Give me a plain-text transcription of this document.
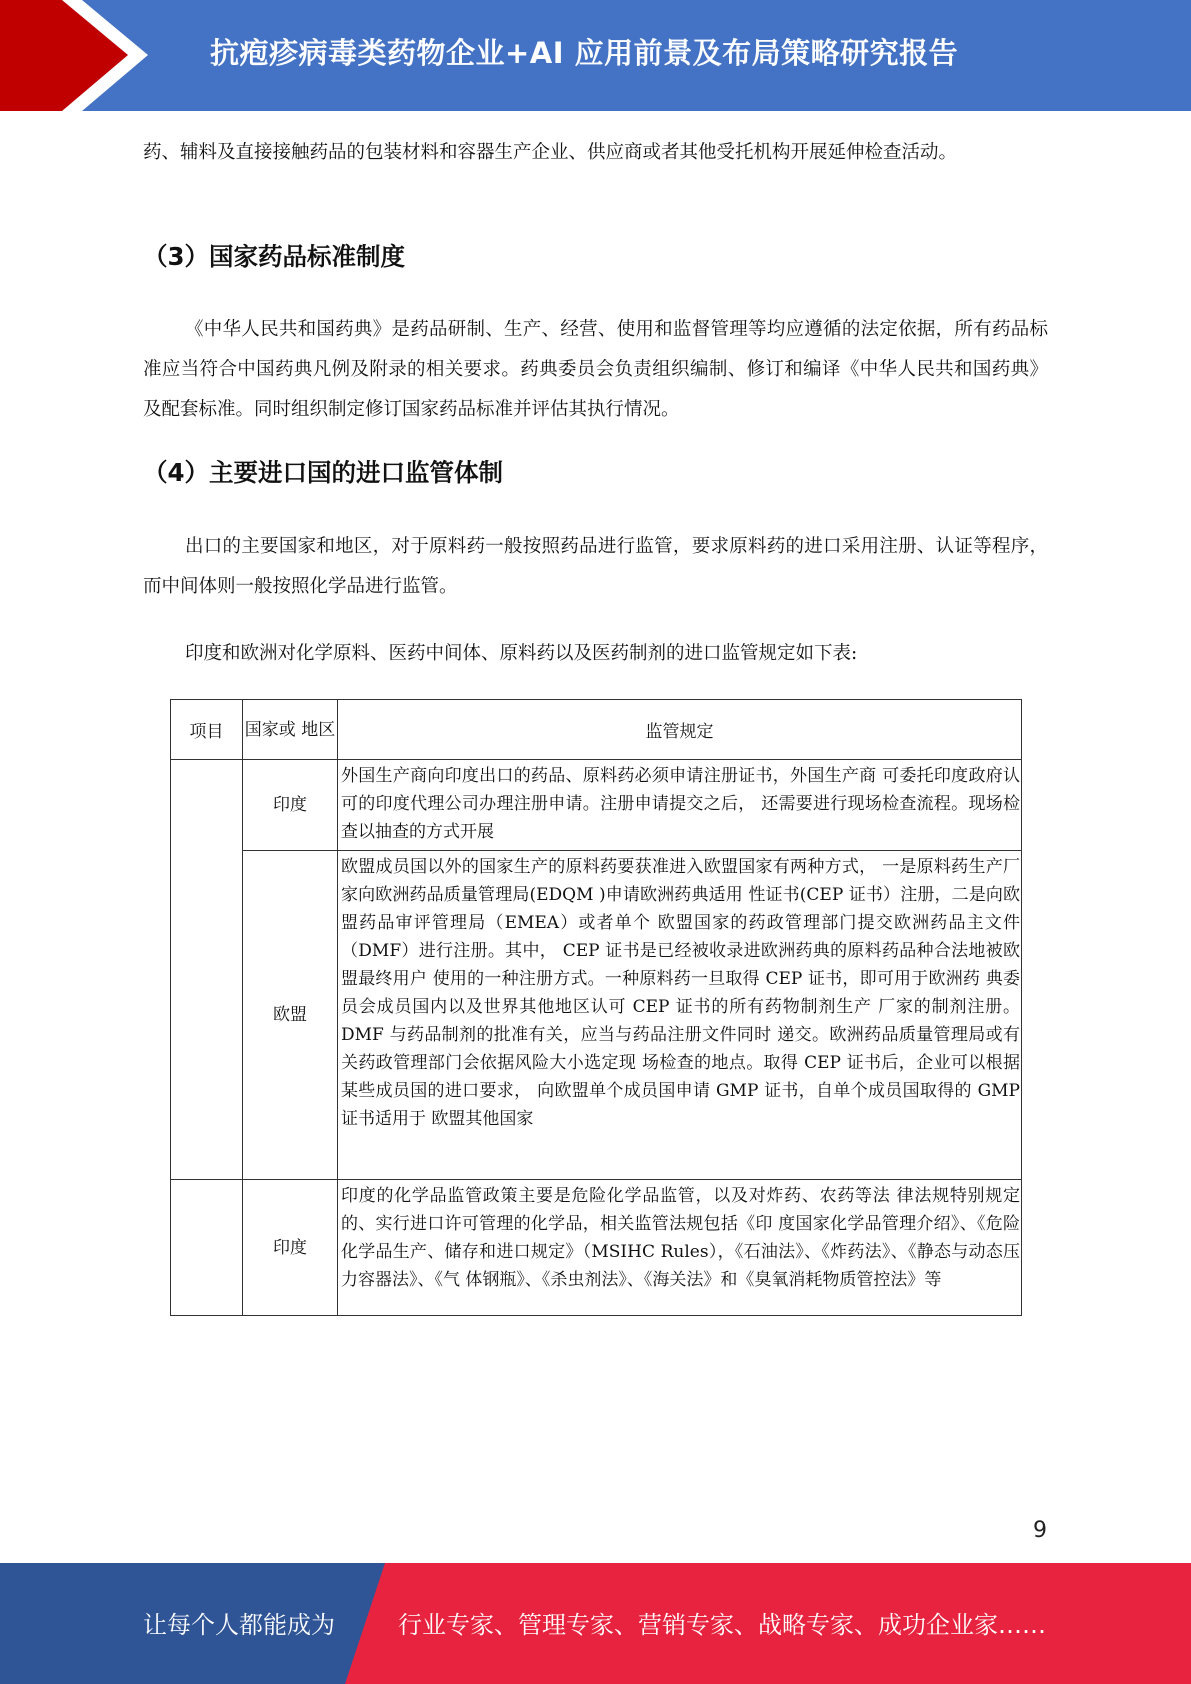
抗疱疹病毒类药物企业+AI 应用前景及布局策略研究报告

药、辅料及直接接触药品的包装材料和容器生产企业、供应商或者其他受托机构开展延伸检查活动。

（3）国家药品标准制度

《中华人民共和国药典》是药品研制、生产、经营、使用和监督管理等均应遵循的法定依据，所有药品标准应当符合中国药典凡例及附录的相关要求。药典委员会负责组织编制、修订和编译《中华人民共和国药典》及配套标准。同时组织制定修订国家药品标准并评估其执行情况。

（4）主要进口国的进口监管体制

出口的主要国家和地区，对于原料药一般按照药品进行监管，要求原料药的进口采用注册、认证等程序，而中间体则一般按照化学品进行监管。

印度和欧洲对化学原料、医药中间体、原料药以及医药制剂的进口监管规定如下表:

项目	国家或 地区	监管规定
	印度	外国生产商向印度出口的药品、原料药必须申请注册证书，外国生产商 可委托印度政府认可的印度代理公司办理注册申请。注册申请提交之后， 还需要进行现场检查流程。现场检查以抽查的方式开展
	欧盟	欧盟成员国以外的国家生产的原料药要获准进入欧盟国家有两种方式， 一是原料药生产厂家向欧洲药品质量管理局(EDQM )申请欧洲药典适用 性证书(CEP 证书）注册，二是向欧盟药品审评管理局（EMEA）或者单个 欧盟国家的药政管理部门提交欧洲药品主文件（DMF）进行注册。其中， CEP 证书是已经被收录进欧洲药典的原料药品种合法地被欧盟最终用户 使用的一种注册方式。一种原料药一旦取得 CEP 证书，即可用于欧洲药 典委员会成员国内以及世界其他地区认可 CEP 证书的所有药物制剂生产 厂家的制剂注册。DMF 与药品制剂的批准有关，应当与药品注册文件同时 递交。欧洲药品质量管理局或有关药政管理部门会依据风险大小选定现 场检查的地点。取得 CEP 证书后，企业可以根据某些成员国的进口要求， 向欧盟单个成员国申请 GMP 证书，自单个成员国取得的 GMP 证书适用于 欧盟其他国家
	印度	印度的化学品监管政策主要是危险化学品监管，以及对炸药、农药等法 律法规特别规定的、实行进口许可管理的化学品，相关监管法规包括《印 度国家化学品管理介绍》、《危险化学品生产、储存和进口规定》（MSIHC Rules），《石油法》、《炸药法》、《静态与动态压力容器法》、《气 体钢瓶》、《杀虫剂法》、《海关法》和《臭氧消耗物质管控法》等
9
让每个人都能成为	行业专家、管理专家、营销专家、战略专家、成功企业家……
